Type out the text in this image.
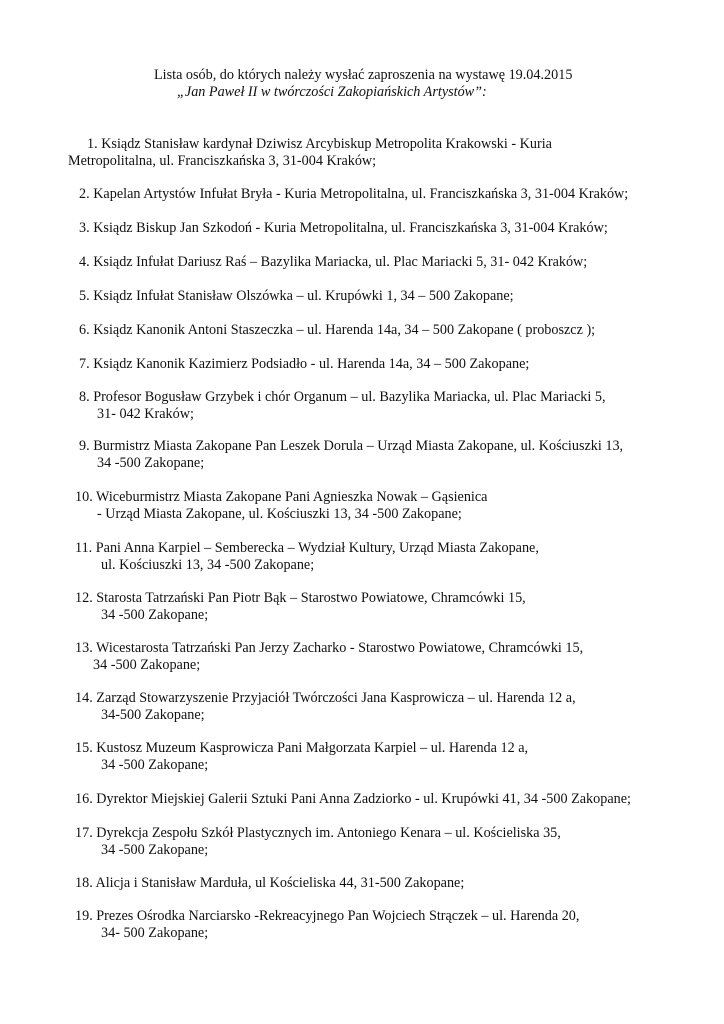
Lista osób, do których należy wysłać zaproszenia na wystawę 19.04.2015
„Jan Paweł II w twórczości Zakopiańskich Artystów”:
1. Ksiądz Stanisław kardynał Dziwisz Arcybiskup Metropolita Krakowski - Kuria
Metropolitalna, ul. Franciszkańska 3, 31-004 Kraków;
2. Kapelan Artystów Infułat Bryła - Kuria Metropolitalna, ul. Franciszkańska 3, 31-004 Kraków;
3. Ksiądz Biskup Jan Szkodoń - Kuria Metropolitalna, ul. Franciszkańska 3, 31-004 Kraków;
4. Ksiądz Infułat Dariusz Raś – Bazylika Mariacka, ul. Plac Mariacki 5, 31- 042 Kraków;
5. Ksiądz Infułat Stanisław Olszówka – ul. Krupówki 1, 34 – 500 Zakopane;
6. Ksiądz Kanonik Antoni Staszeczka – ul. Harenda 14a, 34 – 500 Zakopane ( proboszcz );
7. Ksiądz Kanonik Kazimierz Podsiadło - ul. Harenda 14a, 34 – 500 Zakopane;
8. Profesor Bogusław Grzybek i chór Organum – ul. Bazylika Mariacka, ul. Plac Mariacki 5,
31- 042 Kraków;
9. Burmistrz Miasta Zakopane Pan Leszek Dorula – Urząd Miasta Zakopane, ul. Kościuszki 13,
34 -500 Zakopane;
10. Wiceburmistrz Miasta Zakopane Pani Agnieszka Nowak – Gąsienica
- Urząd Miasta Zakopane, ul. Kościuszki 13, 34 -500 Zakopane;
11. Pani Anna Karpiel – Semberecka – Wydział Kultury, Urząd Miasta Zakopane,
ul. Kościuszki 13, 34 -500 Zakopane;
12. Starosta Tatrzański Pan Piotr Bąk – Starostwo Powiatowe, Chramcówki 15,
34 -500 Zakopane;
13. Wicestarosta Tatrzański Pan Jerzy Zacharko - Starostwo Powiatowe, Chramcówki 15,
34 -500 Zakopane;
14. Zarząd Stowarzyszenie Przyjaciół Twórczości Jana Kasprowicza – ul. Harenda 12 a,
34-500 Zakopane;
15. Kustosz Muzeum Kasprowicza Pani Małgorzata Karpiel – ul. Harenda 12 a,
34 -500 Zakopane;
16. Dyrektor Miejskiej Galerii Sztuki Pani Anna Zadziorko - ul. Krupówki 41, 34 -500 Zakopane;
17. Dyrekcja Zespołu Szkół Plastycznych im. Antoniego Kenara – ul. Kościeliska 35,
34 -500 Zakopane;
18. Alicja i Stanisław Marduła, ul Kościeliska 44, 31-500 Zakopane;
19. Prezes Ośrodka Narciarsko -Rekreacyjnego Pan Wojciech Strączek – ul. Harenda 20,
34- 500 Zakopane;
